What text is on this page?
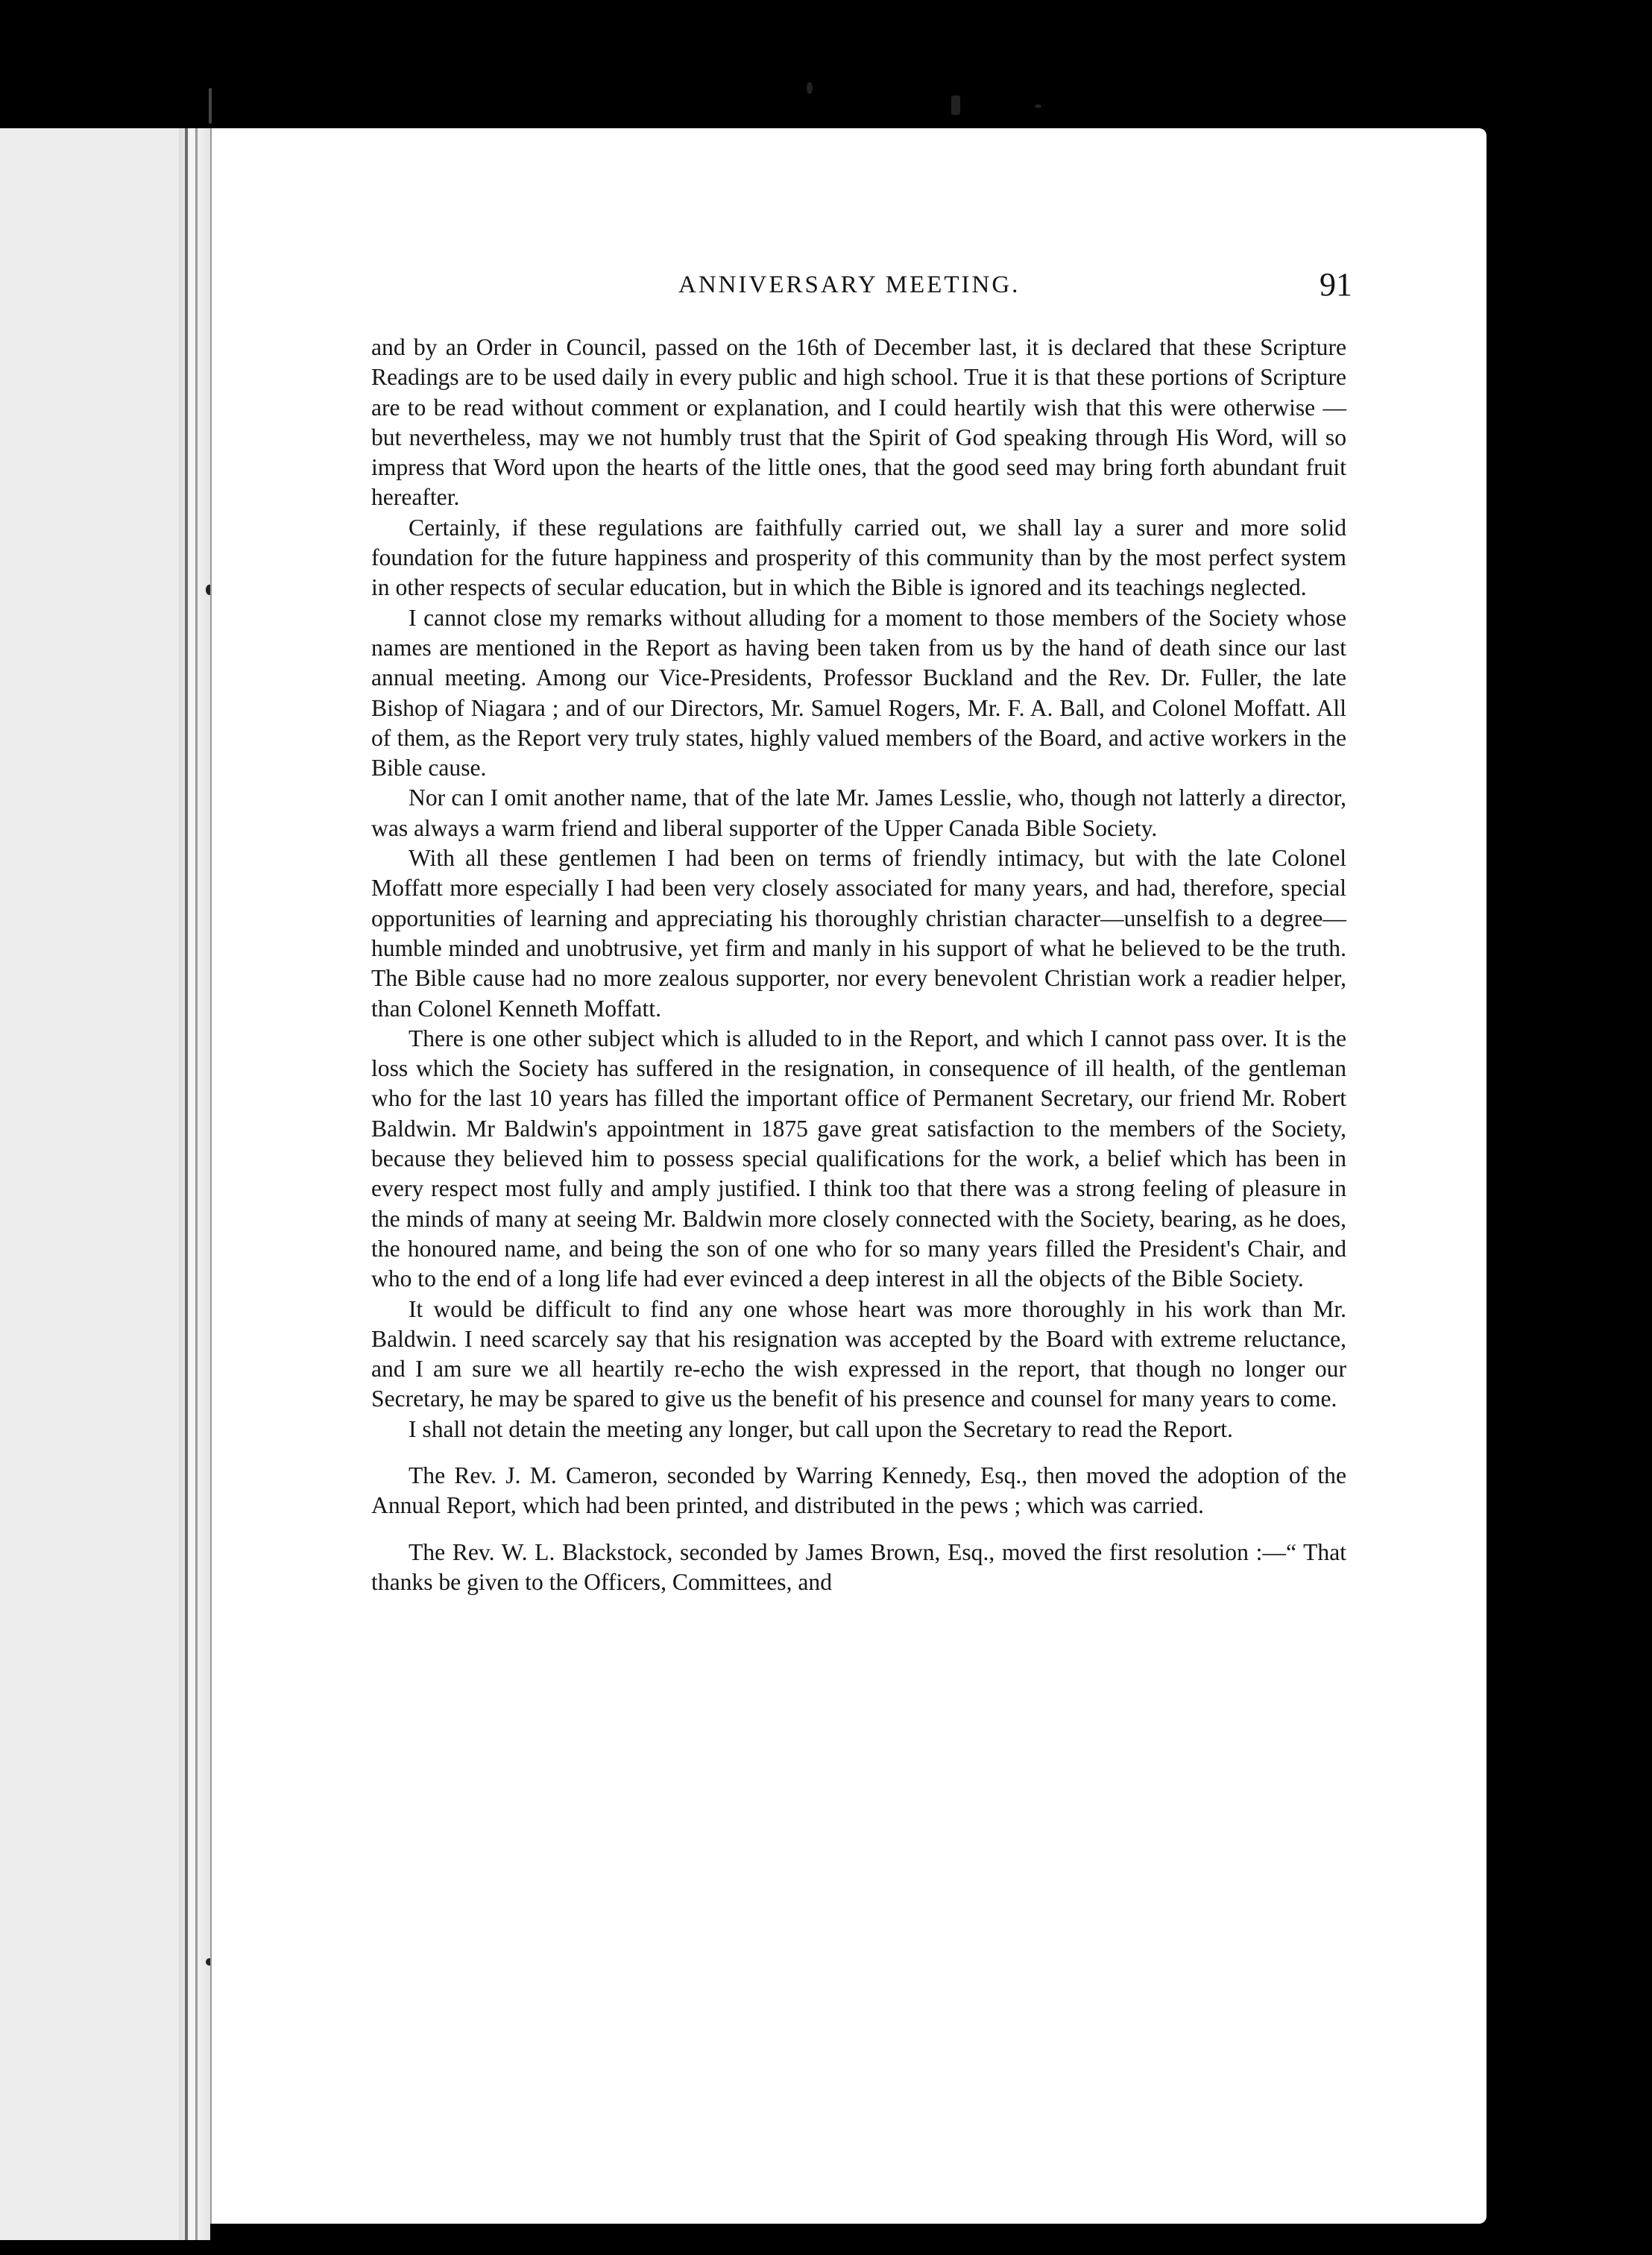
ANNIVERSARY MEETING.	91

and by an Order in Council, passed on the 16th of December last, it is declared that these Scripture Readings are to be used daily in every public and high school. True it is that these portions of Scripture are to be read without comment or explanation, and I could heartily wish that this were otherwise —but nevertheless, may we not humbly trust that the Spirit of God speaking through His Word, will so impress that Word upon the hearts of the little ones, that the good seed may bring forth abundant fruit hereafter.

Certainly, if these regulations are faithfully carried out, we shall lay a surer and more solid foundation for the future happiness and prosperity of this community than by the most perfect system in other respects of secular education, but in which the Bible is ignored and its teachings neglected.

I cannot close my remarks without alluding for a moment to those members of the Society whose names are mentioned in the Report as having been taken from us by the hand of death since our last annual meeting. Among our Vice-Presidents, Professor Buckland and the Rev. Dr. Fuller, the late Bishop of Niagara ; and of our Directors, Mr. Samuel Rogers, Mr. F. A. Ball, and Colonel Moffatt. All of them, as the Report very truly states, highly valued members of the Board, and active workers in the Bible cause.

Nor can I omit another name, that of the late Mr. James Lesslie, who, though not latterly a director, was always a warm friend and liberal supporter of the Upper Canada Bible Society.

With all these gentlemen I had been on terms of friendly intimacy, but with the late Colonel Moffatt more especially I had been very closely associated for many years, and had, therefore, special opportunities of learning and appreciating his thoroughly christian character—unselfish to a degree—humble minded and unobtrusive, yet firm and manly in his support of what he believed to be the truth. The Bible cause had no more zealous supporter, nor every benevolent Christian work a readier helper, than Colonel Kenneth Moffatt.

There is one other subject which is alluded to in the Report, and which I cannot pass over. It is the loss which the Society has suffered in the resignation, in consequence of ill health, of the gentleman who for the last 10 years has filled the important office of Permanent Secretary, our friend Mr. Robert Baldwin. Mr Baldwin's appointment in 1875 gave great satisfaction to the members of the Society, because they believed him to possess special qualifications for the work, a belief which has been in every respect most fully and amply justified. I think too that there was a strong feeling of pleasure in the minds of many at seeing Mr. Baldwin more closely connected with the Society, bearing, as he does, the honoured name, and being the son of one who for so many years filled the President's Chair, and who to the end of a long life had ever evinced a deep interest in all the objects of the Bible Society.

It would be difficult to find any one whose heart was more thoroughly in his work than Mr. Baldwin. I need scarcely say that his resignation was accepted by the Board with extreme reluctance, and I am sure we all heartily re-echo the wish expressed in the report, that though no longer our Secretary, he may be spared to give us the benefit of his presence and counsel for many years to come.

I shall not detain the meeting any longer, but call upon the Secretary to read the Report.

The Rev. J. M. Cameron, seconded by Warring Kennedy, Esq., then moved the adoption of the Annual Report, which had been printed, and distributed in the pews ; which was carried.

The Rev. W. L. Blackstock, seconded by James Brown, Esq., moved the first resolution :—“ That thanks be given to the Officers, Committees, and
